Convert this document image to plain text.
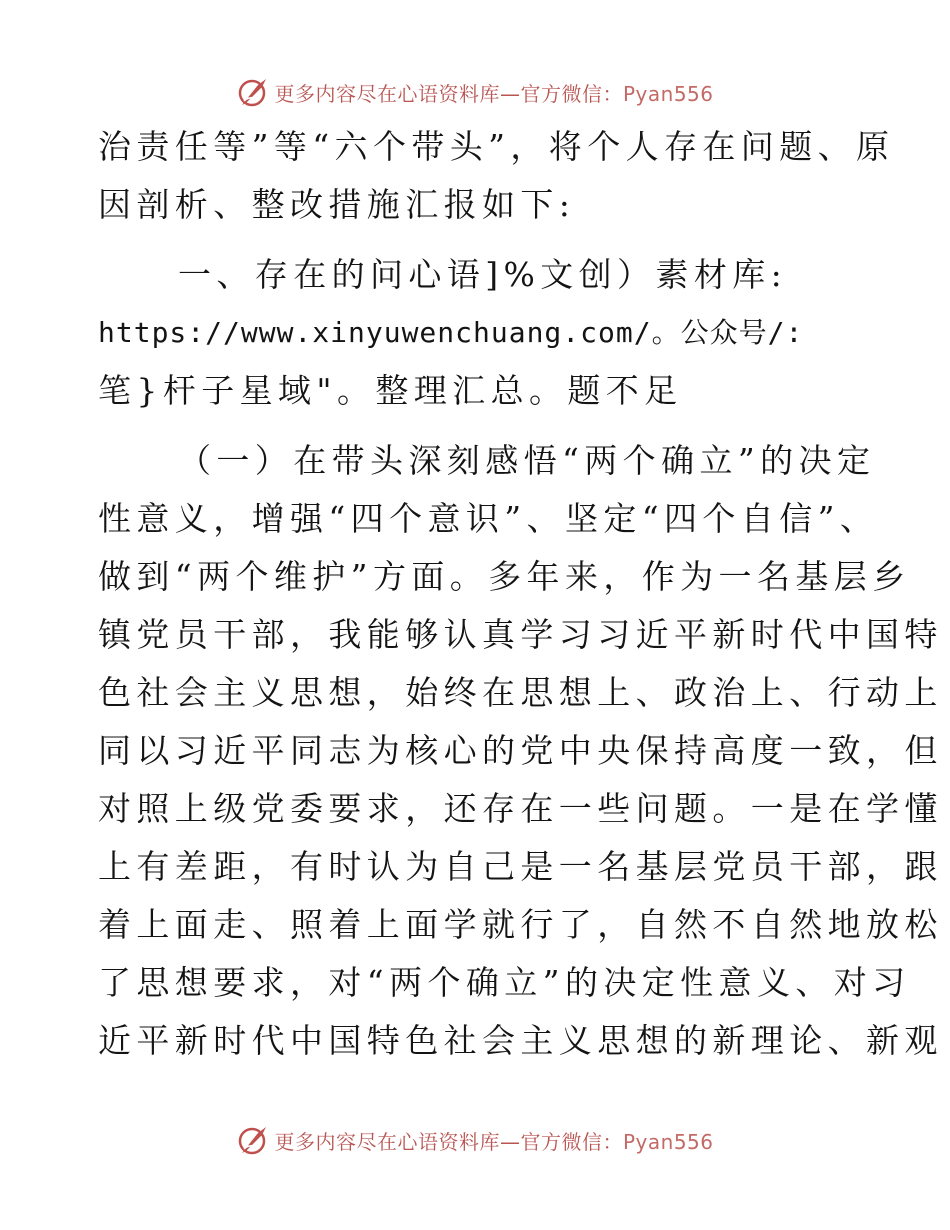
更多内容尽在心语资料库—官方微信：Pyan556
治责任等”等“六个带头”，将个人存在问题、原
因剖析、整改措施汇报如下:
一、存在的问心语]%文创）素材库:
https://www.xinyuwenchuang.com/。公众号/:
笔}杆子星域"。整理汇总。题不足
（一）在带头深刻感悟“两个确立”的决定
性意义，增强“四个意识”、坚定“四个自信”、
做到“两个维护”方面。多年来，作为一名基层乡
镇党员干部，我能够认真学习习近平新时代中国特
色社会主义思想，始终在思想上、政治上、行动上
同以习近平同志为核心的党中央保持高度一致，但
对照上级党委要求，还存在一些问题。一是在学懂
上有差距，有时认为自己是一名基层党员干部，跟
着上面走、照着上面学就行了，自然不自然地放松
了思想要求，对“两个确立”的决定性意义、对习
近平新时代中国特色社会主义思想的新理论、新观
更多内容尽在心语资料库—官方微信：Pyan556
